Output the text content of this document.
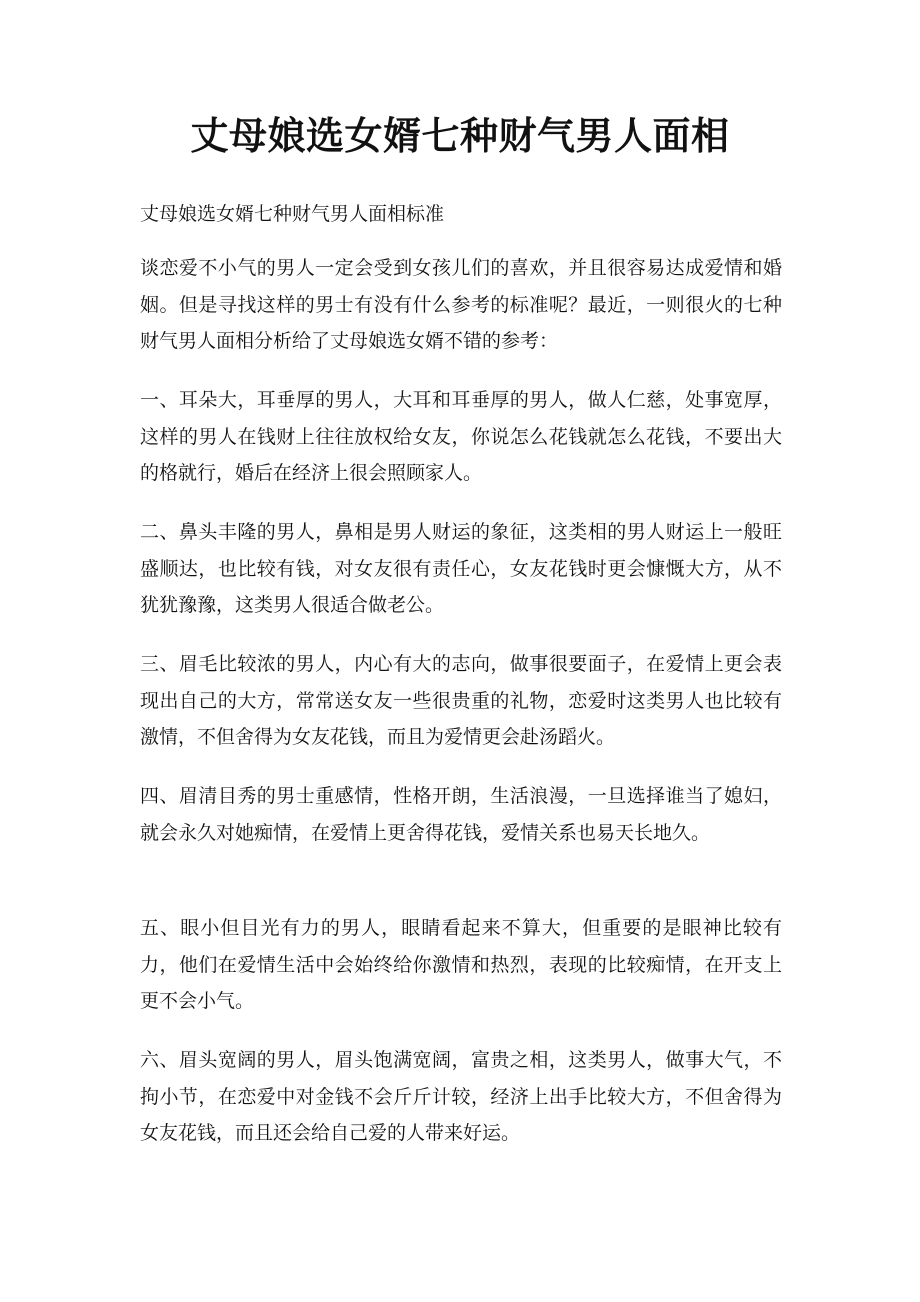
丈母娘选女婿七种财气男人面相

丈母娘选女婿七种财气男人面相标准

谈恋爱不小气的男人一定会受到女孩儿们的喜欢，并且很容易达成爱情和婚姻。但是寻找这样的男士有没有什么参考的标准呢？最近，一则很火的七种财气男人面相分析给了丈母娘选女婿不错的参考：

一、耳朵大，耳垂厚的男人，大耳和耳垂厚的男人，做人仁慈，处事宽厚，这样的男人在钱财上往往放权给女友，你说怎么花钱就怎么花钱，不要出大的格就行，婚后在经济上很会照顾家人。

二、鼻头丰隆的男人，鼻相是男人财运的象征，这类相的男人财运上一般旺盛顺达，也比较有钱，对女友很有责任心，女友花钱时更会慷慨大方，从不犹犹豫豫，这类男人很适合做老公。

三、眉毛比较浓的男人，内心有大的志向，做事很要面子，在爱情上更会表现出自己的大方，常常送女友一些很贵重的礼物，恋爱时这类男人也比较有激情，不但舍得为女友花钱，而且为爱情更会赴汤蹈火。

四、眉清目秀的男士重感情，性格开朗，生活浪漫，一旦选择谁当了媳妇，就会永久对她痴情，在爱情上更舍得花钱，爱情关系也易天长地久。

五、眼小但目光有力的男人，眼睛看起来不算大，但重要的是眼神比较有力，他们在爱情生活中会始终给你激情和热烈，表现的比较痴情，在开支上更不会小气。

六、眉头宽阔的男人，眉头饱满宽阔，富贵之相，这类男人，做事大气，不拘小节，在恋爱中对金钱不会斤斤计较，经济上出手比较大方，不但舍得为女友花钱，而且还会给自己爱的人带来好运。
